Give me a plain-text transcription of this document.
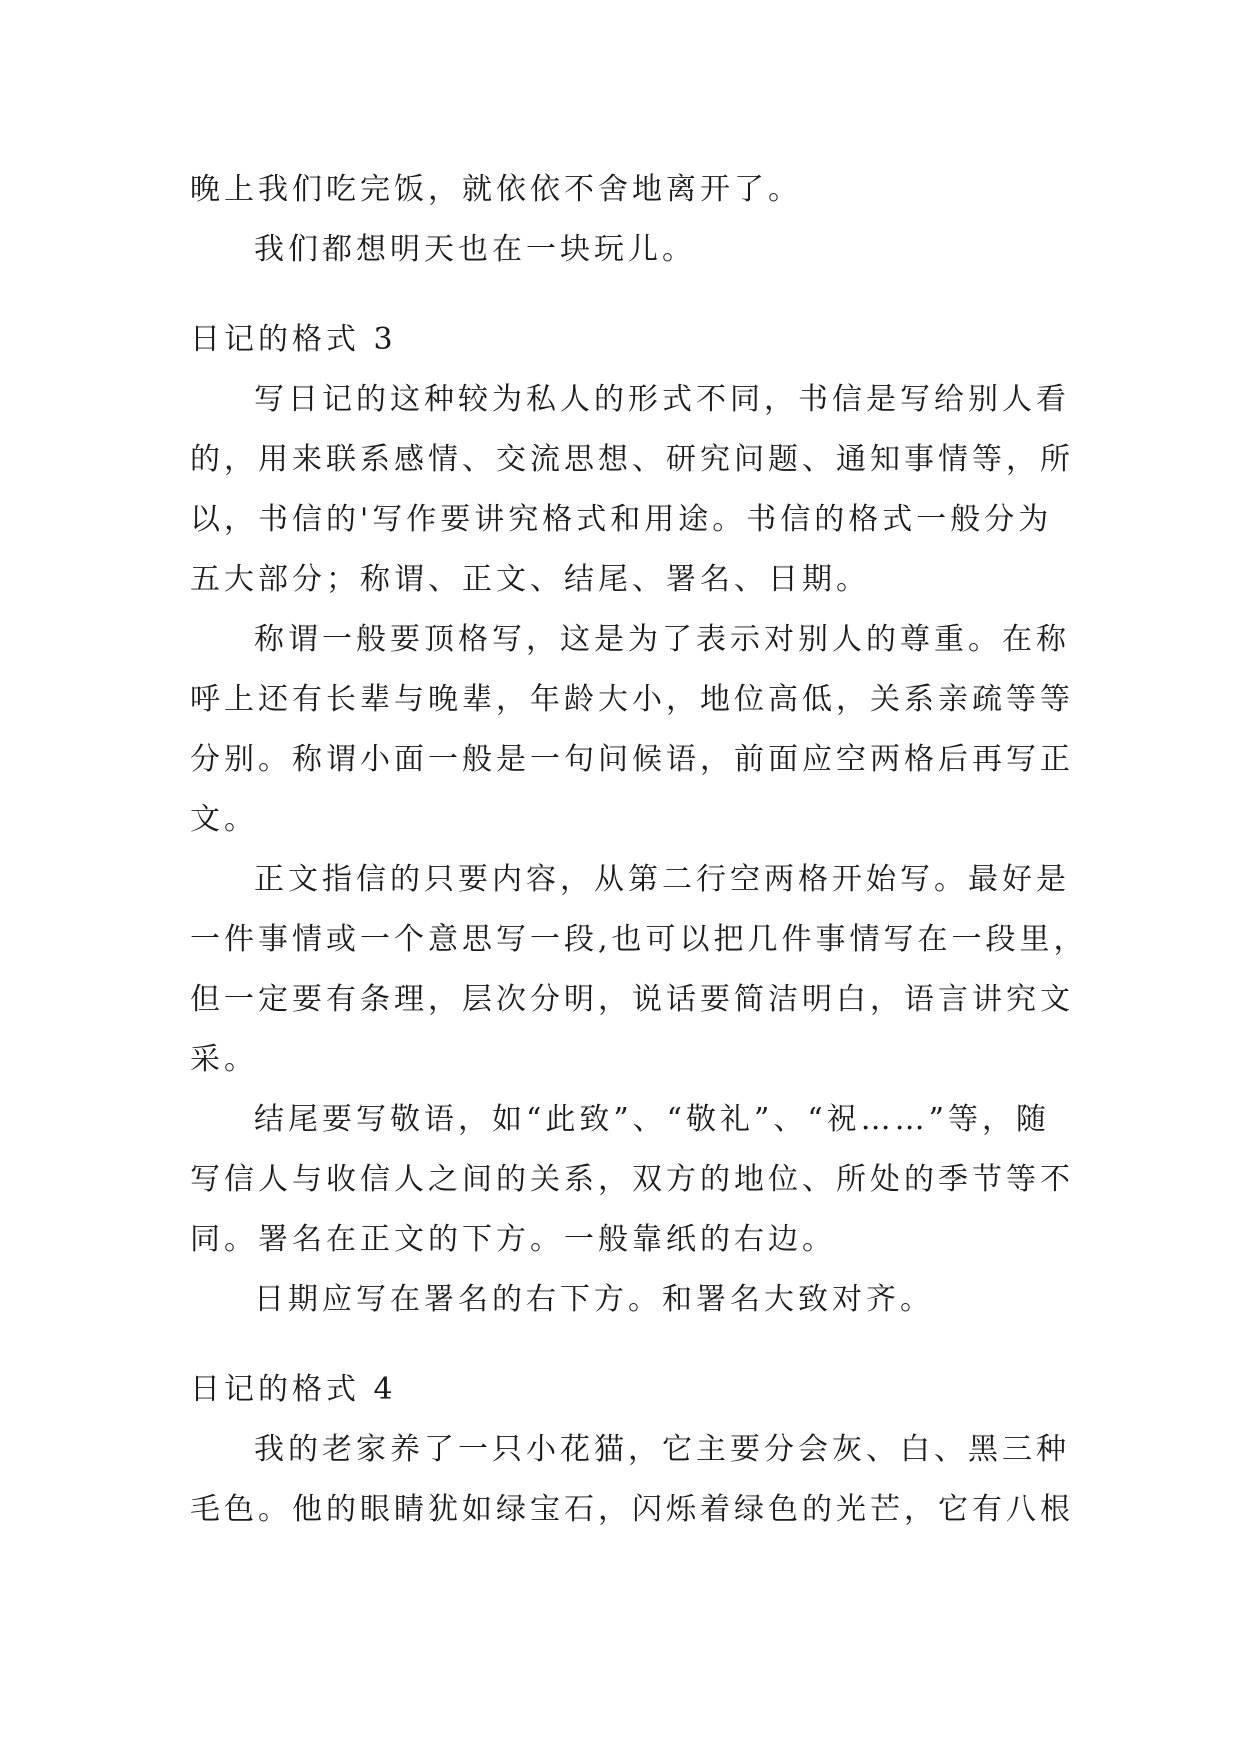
晚上我们吃完饭，就依依不舍地离开了。

我们都想明天也在一块玩儿。

日记的格式 3

写日记的这种较为私人的形式不同，书信是写给别人看

的，用来联系感情、交流思想、研究问题、通知事情等，所

以，书信的'写作要讲究格式和用途。书信的格式一般分为

五大部分；称谓、正文、结尾、署名、日期。

称谓一般要顶格写，这是为了表示对别人的尊重。在称

呼上还有长辈与晚辈，年龄大小，地位高低，关系亲疏等等

分别。称谓小面一般是一句问候语，前面应空两格后再写正

文。

正文指信的只要内容，从第二行空两格开始写。最好是

一件事情或一个意思写一段,也可以把几件事情写在一段里，

但一定要有条理，层次分明，说话要简洁明白，语言讲究文

采。

结尾要写敬语，如“此致”、“敬礼”、“祝……”等，随

写信人与收信人之间的关系，双方的地位、所处的季节等不

同。署名在正文的下方。一般靠纸的右边。

日期应写在署名的右下方。和署名大致对齐。

日记的格式 4

我的老家养了一只小花猫，它主要分会灰、白、黑三种

毛色。他的眼睛犹如绿宝石，闪烁着绿色的光芒，它有八根
